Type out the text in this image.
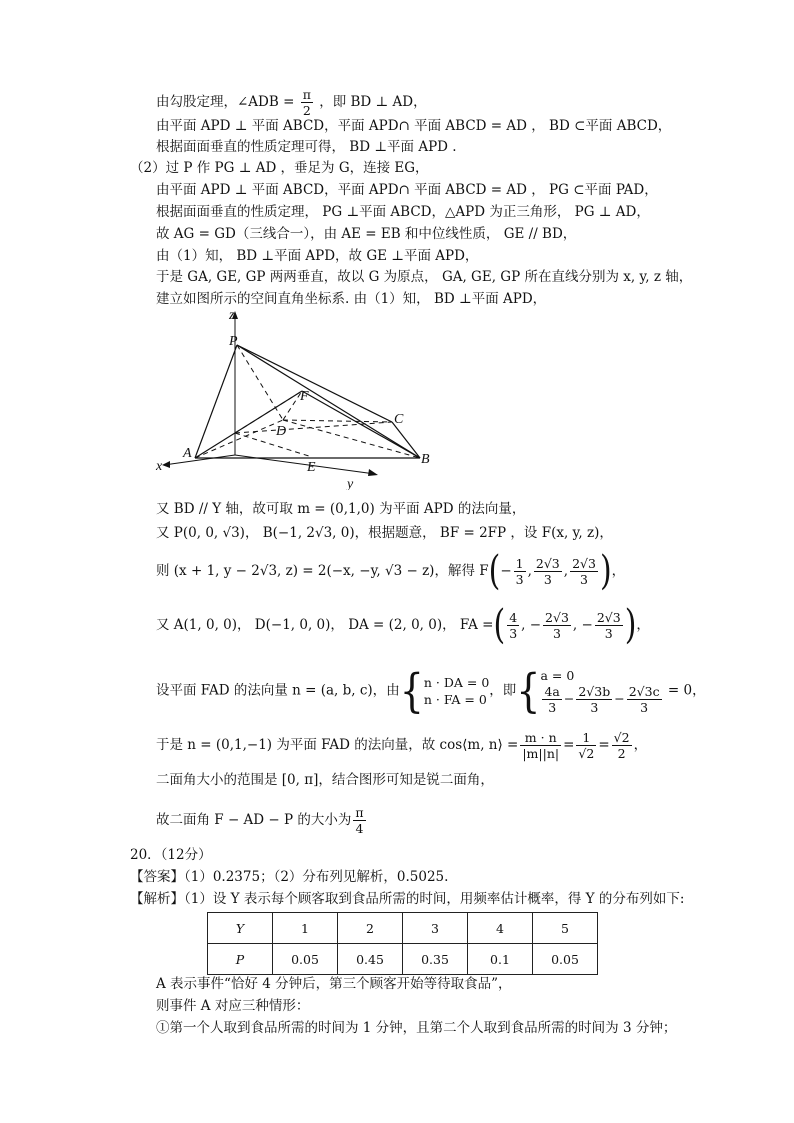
由勾股定理，∠ADB = $\frac{\pi}{2}$ ，即 BD ⊥ AD，
由平面 APD ⊥ 平面 ABCD，平面 APD∩ 平面 ABCD = AD ， BD ⊂平面 ABCD，
根据面面垂直的性质定理可得， BD ⊥平面 APD .
（2）过 P 作 PG ⊥ AD ，垂足为 G，连接 EG，
由平面 APD ⊥ 平面 ABCD，平面 APD∩ 平面 ABCD = AD ， PG ⊂平面 PAD，
根据面面垂直的性质定理， PG ⊥平面 ABCD，△APD 为正三角形， PG ⊥ AD，
故 AG = GD（三线合一），由 AE = EB 和中位线性质， GE // BD，
由（1）知， BD ⊥平面 APD，故 GE ⊥平面 APD，
于是 GA, GE, GP 两两垂直，故以 G 为原点， GA, GE, GP 所在直线分别为 x, y, z 轴，
建立如图所示的空间直角坐标系. 由（1）知， BD ⊥平面 APD，
z
P
F
C
D
A	B
E
x
y
又 BD // Y 轴，故可取 m = (0,1,0) 为平面 APD 的法向量，
又 P(0, 0, √3)， B(−1, 2√3, 0)，根据题意， BF = 2FP ，设 F(x, y, z)，
则 (x + 1, y − 2√3, z) = 2(−x, −y, √3 − z)，解得 $F(- \frac{1}{3}$ , $\frac{2√3}{3}$ , $\frac{2√3}{3}$ )，
又 A(1, 0, 0)， D(−1, 0, 0)， DA = (2, 0, 0)， FA =( $\frac{4}{3}$ , − $\frac{2√3}{3}$ , − $\frac{2√3}{3}$ )，
设平面 FAD 的法向量 n = (a, b, c)，由{n · DA = 0
n · FA = 0，即{a = 0

$\frac{4a}{3} - \frac{2√3b}{3} - \frac{2√3c}{3} = 0$，
于是 n = (0,1,−1) 为平面 FAD 的法向量，故 cos⟨m, n⟩ = $\frac{m \cdot n}{|m||n|} = \frac{1}{√2} = \frac{√2}{2}$ ，
二面角大小的范围是 [0, π]，结合图形可知是锐二面角，
故二面角 F − AD − P 的大小为 $\frac{\pi}{4}$
20．（12分）
【答案】（1）0.2375；（2）分布列见解析，0.5025.
【解析】（1）设 Y 表示每个顾客取到食品所需的时间，用频率估计概率，得 Y 的分布列如下:
Y	1	2	3	4	5
P	0.05	0.45	0.35	0.1	0.05
A 表示事件“恰好 4 分钟后，第三个顾客开始等待取食品”，
则事件 A 对应三种情形：
①第一个人取到食品所需的时间为 1 分钟，且第二个人取到食品所需的时间为 3 分钟；
